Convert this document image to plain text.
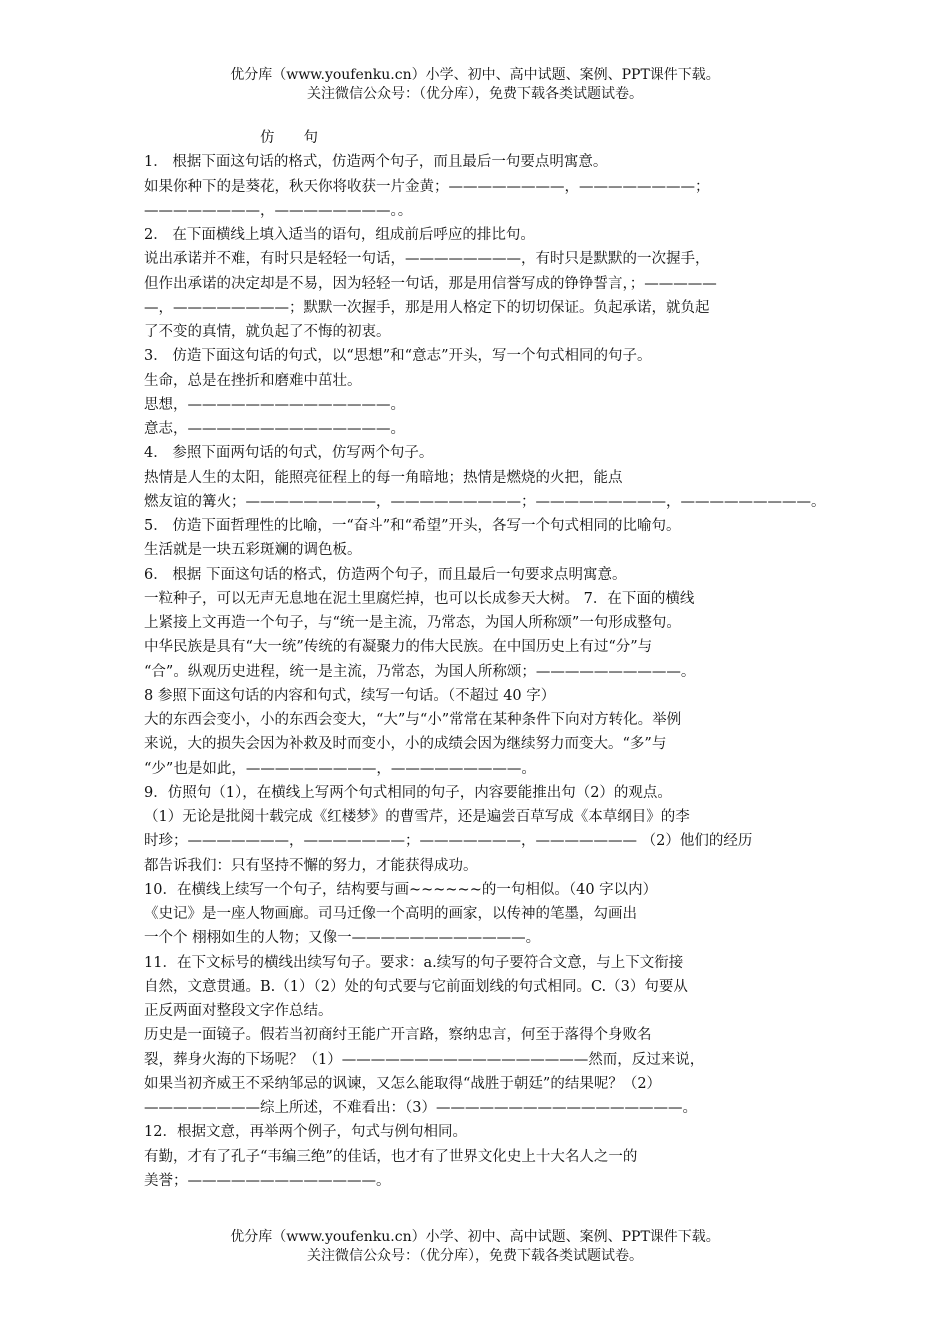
优分库（www.youfenku.cn）小学、初中、高中试题、案例、PPT课件下载。
关注微信公众号：（优分库），免费下载各类试题试卷。
仿　　句
1． 根据下面这句话的格式，仿造两个句子，而且最后一句要点明寓意。
如果你种下的是葵花，秋天你将收获一片金黄；————————，————————；
————————，————————。。
2． 在下面横线上填入适当的语句，组成前后呼应的排比句。
说出承诺并不难，有时只是轻轻一句话，————————，有时只是默默的一次握手，
但作出承诺的决定却是不易，因为轻轻一句话，那是用信誉写成的铮铮誓言，；—————
—，————————；默默一次握手，那是用人格定下的切切保证。负起承诺，就负起
了不变的真情，就负起了不悔的初衷。
3． 仿造下面这句话的句式，以“思想”和“意志”开头，写一个句式相同的句子。
生命，总是在挫折和磨难中茁壮。
思想，——————————————。
意志，——————————————。
4． 参照下面两句话的句式，仿写两个句子。
热情是人生的太阳，能照亮征程上的每一角暗地；热情是燃烧的火把，能点
燃友谊的篝火；—————————，—————————；—————————，—————————。
5． 仿造下面哲理性的比喻，一“奋斗”和“希望”开头，各写一个句式相同的比喻句。
生活就是一块五彩斑斓的调色板。
6． 根据 下面这句话的格式，仿造两个句子，而且最后一句要求点明寓意。
一粒种子，可以无声无息地在泥土里腐烂掉，也可以长成参天大树。 7．在下面的横线
上紧接上文再造一个句子，与“统一是主流，乃常态，为国人所称颂”一句形成整句。
中华民族是具有“大一统”传统的有凝聚力的伟大民族。在中国历史上有过“分”与
“合”。纵观历史进程，统一是主流，乃常态，为国人所称颂；——————————。
8 参照下面这句话的内容和句式，续写一句话。（不超过 40 字）
大的东西会变小，小的东西会变大，“大”与“小”常常在某种条件下向对方转化。举例
来说，大的损失会因为补救及时而变小，小的成绩会因为继续努力而变大。“多”与
“少”也是如此，—————————，—————————。
9．仿照句（1），在横线上写两个句式相同的句子，内容要能推出句（2）的观点。
（1）无论是批阅十载完成《红楼梦》的曹雪芹，还是遍尝百草写成《本草纲目》的李
时珍；———————，———————；———————，——————— （2）他们的经历
都告诉我们：只有坚持不懈的努力，才能获得成功。
10．在横线上续写一个句子，结构要与画~~~~~~的一句相似。（40 字以内）
《史记》是一座人物画廊。司马迁像一个高明的画家，以传神的笔墨，勾画出
一个个 栩栩如生的人物；又像一————————————。
11．在下文标号的横线出续写句子。要求：a.续写的句子要符合文意，与上下文衔接
自然，文意贯通。B.（1）（2）处的句式要与它前面划线的句式相同。C.（3）句要从
正反两面对整段文字作总结。
历史是一面镜子。假若当初商纣王能广开言路，察纳忠言，何至于落得个身败名
裂，葬身火海的下场呢？（1）—————————————————然而，反过来说，
如果当初齐威王不采纳邹忌的讽谏，又怎么能取得“战胜于朝廷”的结果呢？（2）
————————综上所述，不难看出：（3）—————————————————。
12．根据文意，再举两个例子，句式与例句相同。
有勤，才有了孔子“韦编三绝”的佳话，也才有了世界文化史上十大名人之一的
美誉；—————————————。
优分库（www.youfenku.cn）小学、初中、高中试题、案例、PPT课件下载。
关注微信公众号：（优分库），免费下载各类试题试卷。
